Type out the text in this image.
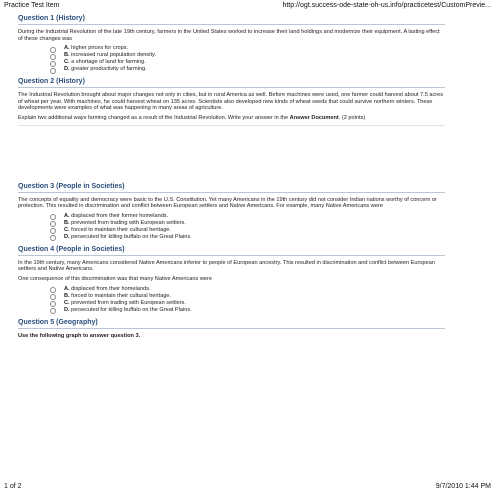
Practice Test Item	http://ogt.success-ode-state-oh-us.info/practicetest/CustomPrevie...
Question 1 (History)
During the Industrial Revolution of the late 19th century, farmers in the United States worked to increase their land holdings and modernize their equipment. A lasting effect of these changes was
A. higher prices for crops.
B. increased rural population density.
C. a shortage of land for farming.
D. greater productivity of farming.
Question 2 (History)
The Industrial Revolution brought about major changes not only in cities, but in rural America as well. Before machines were used, one farmer could harvest about 7.5 acres of wheat per year. With machines, he could harvest wheat on 135 acres. Scientists also developed new kinds of wheat seeds that could survive northern winters. These developments were examples of what was happening in many areas of agriculture.
Explain two additional ways farming changed as a result of the Industrial Revolution. Write your answer in the Answer Document. (2 points)
Question 3 (People in Societies)
The concepts of equality and democracy were basic to the U.S. Constitution. Yet many Americans in the 19th century did not consider Indian nations worthy of concern or protection. This resulted in discrimination and conflict between European settlers and Native Americans. For example, many Native Americans were
A. displaced from their former homelands.
B. prevented from trading with European settlers.
C. forced to maintain their cultural heritage.
D. persecuted for killing buffalo on the Great Plains.
Question 4 (People in Societies)
In the 19th century, many Americans considered Native Americans inferior to people of European ancestry. This resulted in discrimination and conflict between European settlers and Native Americans.
One consequence of this discrimination was that many Native Americans were
A. displaced from their homelands.
B. forced to maintain their cultural heritage.
C. prevented from trading with European settlers.
D. persecuted for killing buffalo on the Great Plains.
Question 5 (Geography)
Use the following graph to answer question 3.
1 of 2	9/7/2010 1:44 PM
